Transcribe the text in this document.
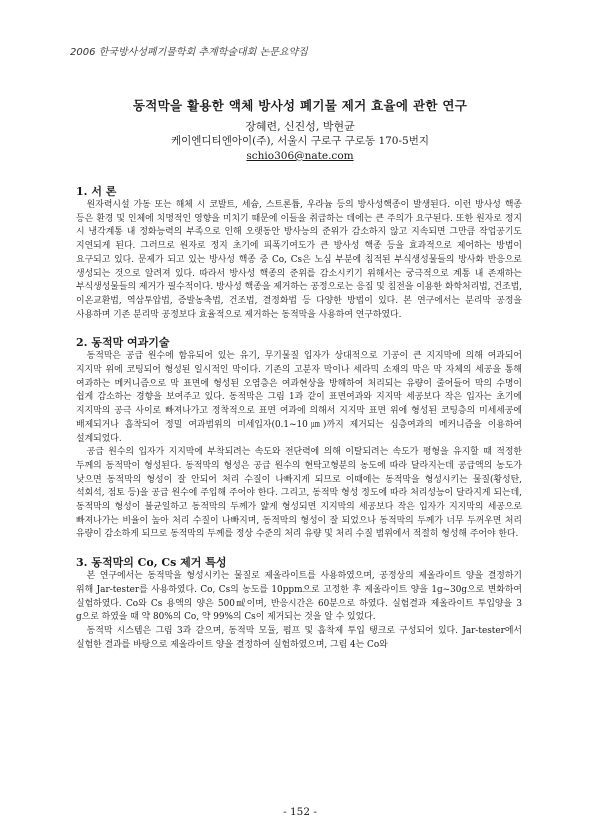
2006 한국방사성폐기물학회 추계학술대회 논문요약집
동적막을 활용한 액체 방사성 폐기물 제거 효율에 관한 연구
장혜련, 신진성, 박현균
케이엔디티엔아이(주), 서울시 구로구 구로동 170-5번지
schio306@nate.com
1. 서 론

원자력시설 가동 또는 해체 시 코발트, 세슘, 스트론튬, 우라늄 등의 방사성핵종이 발생된다. 이런 방사성 핵종 등은 환경 및 인체에 치명적인 영향을 미치기 때문에 이들을 취급하는 데에는 큰 주의가 요구된다. 또한 원자로 정지 시 냉각계통 내 정화능력의 부족으로 인해 오랫동안 방사능의 준위가 감소하지 않고 지속되면 그만큼 작업공기도 지연되게 된다. 그러므로 원자로 정지 초기에 피폭기여도가 큰 방사성 핵종 등을 효과적으로 제어하는 방법이 요구되고 있다. 문제가 되고 있는 방사성 핵종 중 Co, Cs은 노심 부분에 침적된 부식생성물들의 방사화 반응으로 생성되는 것으로 알려져 있다. 따라서 방사성 핵종의 준위를 감소시키기 위해서는 궁극적으로 계통 내 존재하는 부식생성물들의 제거가 필수적이다. 방사성 핵종을 제거하는 공정으로는 응집 및 침전을 이용한 화학처리법, 건조법, 이온교환법, 역삼투압법, 증발농축법, 건조법, 결정화법 등 다양한 방법이 있다. 본 연구에서는 분리막 공정을 사용하며 기존 분리막 공정보다 효율적으로 제거하는 동적막을 사용하여 연구하였다.

2. 동적막 여과기술

동적막은 공급 원수에 함유되어 있는 유기, 무기물질 입자가 상대적으로 기공이 큰 지지막에 의해 여과되어 지지막 위에 코팅되어 형성된 일시적인 막이다. 기존의 고분자 막이나 세라믹 소재의 막은 막 자체의 세공을 통해 여과하는 메커니즘으로 막 표면에 형성된 오염층은 여과현상을 방해하여 처리되는 유량이 줄어들어 막의 수명이 쉽게 감소하는 경향을 보여주고 있다. 동적막은 그림 1과 같이 표면여과와 지지막 세공보다 작은 입자는 초기에 지지막의 공극 사이로 빠져나가고 정착적으로 표면 여과에 의해서 지지막 표면 위에 형성된 코팅층의 미세세공에 배제되거나 흡착되어 정밀 여과범위의 미세입자(0.1~10㎛)까지 제거되는 심층여과의 메커니즘을 이용하여 설계되었다.

공급 원수의 입자가 지지막에 부착되려는 속도와 전단력에 의해 이탈되려는 속도가 평형을 유지할 때 적정한 두께의 동적막이 형성된다. 동적막의 형성은 공급 원수의 현탁고형분의 농도에 따라 달라지는데 공급액의 농도가 낮으면 동적막의 형성이 잘 안되어 처리 수질이 나빠지게 되므로 이때에는 동적막을 형성시키는 물질(황성탄, 석회석, 점토 등)을 공급 원수에 주입해 주어야 한다. 그리고, 동적막 형성 정도에 따라 처리성능이 달라지게 되는데, 동적막의 형성이 불균일하고 동적막의 두께가 얇게 형성되면 지지막의 세공보다 작은 입자가 지지막의 세공으로 빠져나가는 비율이 높아 처리 수질이 나빠지며, 동적막의 형성이 잘 되었으나 동적막의 두께가 너무 두꺼우면 처리 유량이 감소하게 되므로 동적막의 두께를 정상 수준의 처리 유량 및 처리 수질 범위에서 적절히 형성해 주어야 한다.

3. 동적막의 Co, Cs 제거 특성

본 연구에서는 동적막을 형성시키는 물질로 제올라이트를 사용하였으며, 공정상의 제올라이트 양을 결정하기 위해 Jar-tester를 사용하였다. Co, Cs의 농도를 10ppm으로 고정한 후 제올라이트 양을 1g~30g으로 변화하여 실험하였다. Co와 Cs 용액의 양은 500㎖이며, 반응시간은 60분으로 하였다. 실험결과 제올라이트 투입양을 3 g으로 하였을 때 약 80%의 Co, 약 99%의 Cs이 제거되는 것을 알 수 있었다.

동적막 시스템은 그림 3과 같으며, 동적막 모듈, 펌프 및 흡착제 투입 탱크로 구성되어 있다. Jar-tester에서 실험한 결과를 바탕으로 제올라이트 양을 결정하여 실험하였으며, 그림 4는 Co와

- 152 -
